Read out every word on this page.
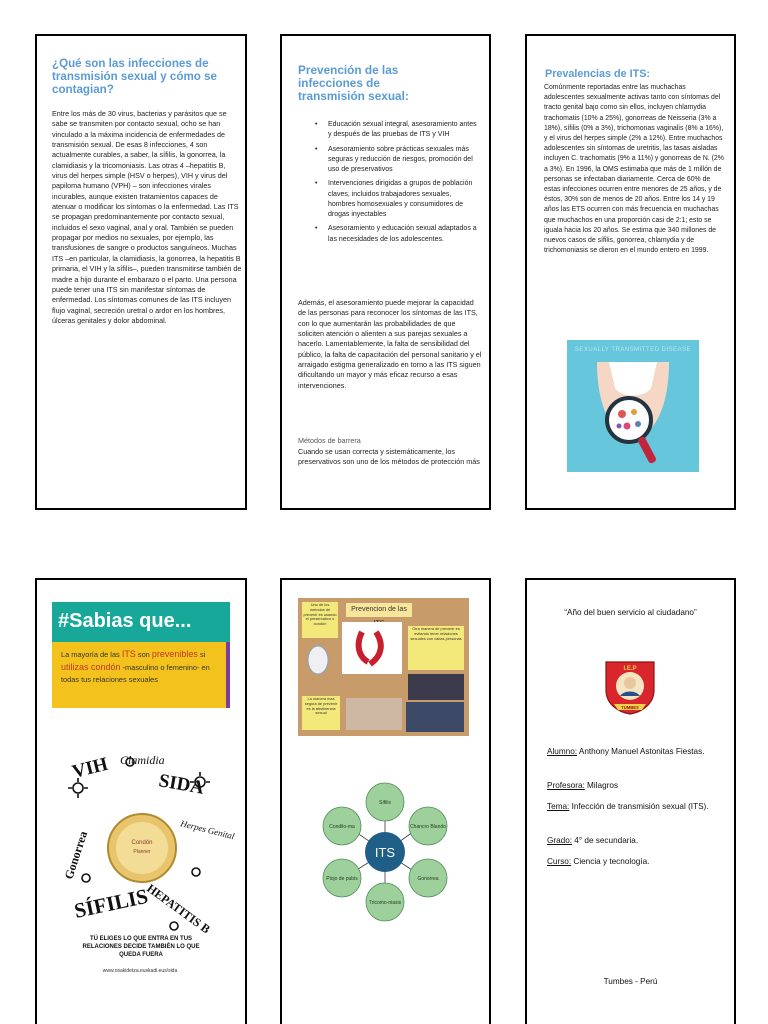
¿Qué son las infecciones de transmisión sexual y cómo se contagian?
Entre los más de 30 virus, bacterias y parásitos que se sabe se transmiten por contacto sexual, ocho se han vinculado a la máxima incidencia de enfermedades de transmisión sexual. De esas 8 infecciones, 4 son actualmente curables, a saber, la sífilis, la gonorrea, la clamidiasis y la tricomoniasis. Las otras 4 –hepatitis B, virus del herpes simple (HSV o herpes), VIH y virus del papiloma humano (VPH) – son infecciones virales incurables, aunque existen tratamientos capaces de atenuar o modificar los síntomas o la enfermedad. Las ITS se propagan predominantemente por contacto sexual, incluidos el sexo vaginal, anal y oral. También se pueden propagar por medios no sexuales, por ejemplo, las transfusiones de sangre o productos sanguíneos. Muchas ITS –en particular, la clamidiasis, la gonorrea, la hepatitis B primaria, el VIH y la sífilis–, pueden transmitirse también de madre a hijo durante el embarazo o el parto. Una persona puede tener una ITS sin manifestar síntomas de enfermedad. Los síntomas comunes de las ITS incluyen flujo vaginal, secreción uretral o ardor en los hombres, úlceras genitales y dolor abdominal.
Prevención de las infecciones de transmisión sexual:
• Educación sexual integral, asesoramiento antes y después de las pruebas de ITS y VIH
• Asesoramiento sobre prácticas sexuales más seguras y reducción de riesgos, promoción del uso de preservativos
• Intervenciones dirigidas a grupos de población claves, incluidos trabajadores sexuales, hombres homosexuales y consumidores de drogas inyectables
• Asesoramiento y educación sexual adaptados a las necesidades de los adolescentes.
Además, el asesoramiento puede mejorar la capacidad de las personas para reconocer los síntomas de las ITS, con lo que aumentarán las probabilidades de que soliciten atención o alienten a sus parejas sexuales a hacerlo. Lamentablemente, la falta de sensibilidad del público, la falta de capacitación del personal sanitario y el arraigado estigma generalizado en torno a las ITS siguen dificultando un mayor y más eficaz recurso a esas intervenciones.
Métodos de barrera
Cuando se usan correcta y sistemáticamente, los preservativos son uno de los métodos de protección más
Prevalencias de ITS:
Comúnmente reportadas entre las muchachas adolescentes sexualmente activas tanto con síntomas del tracto genital bajo como sin ellos, incluyen chlamydia trachomatis (10% a 25%), gonorreas de Neisseria (3% a 18%), sífilis (0% a 3%), trichomonas vaginalis (8% a 16%), y el virus del herpes simple (2% a 12%). Entre muchachos adolescentes sin síntomas de uretritis, las tasas aisladas incluyen C. trachomatis (9% a 11%) y gonorreas de N. (2% a 3%). En 1996, la OMS estimaba que más de 1 millón de personas se infectaban diariamente. Cerca de 60% de estas infecciones ocurren entre menores de 25 años, y de éstos, 30% son de menos de 20 años. Entre los 14 y 19 años las ETS ocurren con más frecuencia en muchachas que muchachos en una proporción casi de 2:1; esto se iguala hacia los 20 años. Se estima que 340 millones de nuevos casos de sífilis, gonorrea, chlamydia y de trichomoniasis se dieron en el mundo entero en 1999.
SEXUALLY TRANSMITTED DISEASE
#Sabias que...
La mayoría de las ITS son prevenibles si utilizas condón -masculino o femenino- en todas tus relaciones sexuales
Condón
Planner
VIH Clamidia
SIDA
Gonorrea	Herpes Genital
SÍFILIS
HEPATITIS B
www.osakidetza.euskadi.eus/sida
TÚ ELIGES LO QUE ENTRA EN TUS RELACIONES DECIDE TAMBIÉN LO QUE QUEDA FUERA
Prevencion de las
Uno de los metodos de prevenir es usando el preservativo o condón
Otra manera de prevenir es evitando tener relaciones sexuales con varias personas
La manera mas segura de prevenir es la abstinencia sexual
ITS
Sífilis
Chancro Blando
Gonorrea
Tricomo-niasis
Piojo de pubis
Condilo-ma
“Año del buen servicio al ciudadano”
I.E.P
TUMBES
Alumno: Anthony Manuel Astonitas Fiestas.
Profesora: Milagros
Tema: Infección de transmisión sexual (ITS).
Grado: 4° de secundaria.
Curso: Ciencia y tecnología.
Tumbes - Perú
